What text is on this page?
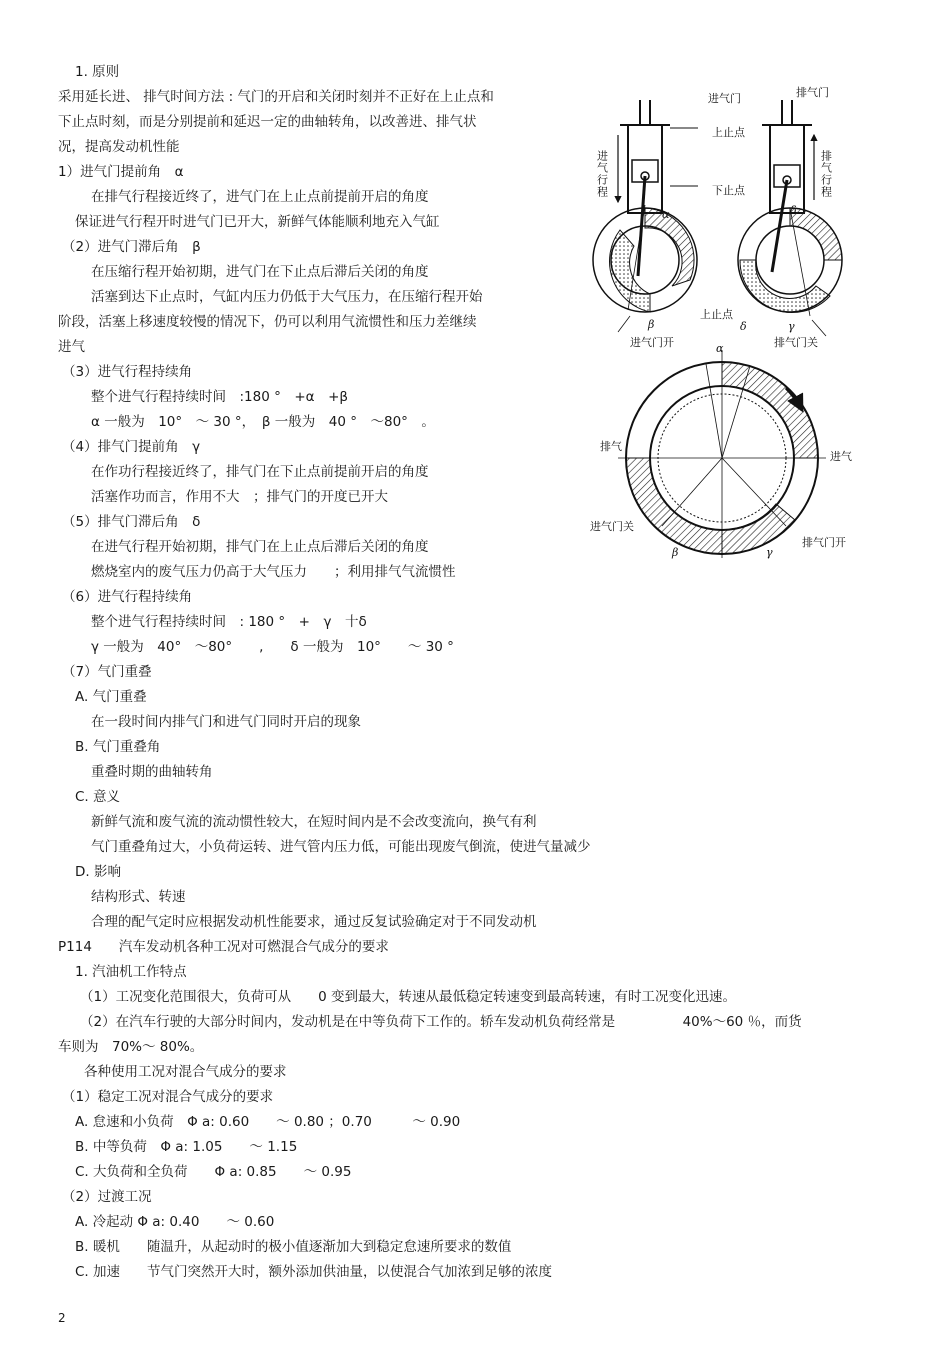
1. 原则
采用延长进、 排气时间方法 : 气门的开启和关闭时刻并不正好在上止点和
下止点时刻，而是分别提前和延迟一定的曲轴转角，以改善进、排气状
况，提高发动机性能
1）进气门提前角　α
在排气行程接近终了，进气门在上止点前提前开启的角度
保证进气行程开时进气门已开大，新鲜气体能顺利地充入气缸
（2）进气门滞后角　β
在压缩行程开始初期，进气门在下止点后滞后关闭的角度
活塞到达下止点时，气缸内压力仍低于大气压力，在压缩行程开始
阶段，活塞上移速度较慢的情况下，仍可以利用气流惯性和压力差继续
进气
（3）进气行程持续角
整个进气行程持续时间　:180 °　+α　+β
α 一般为　10°　～ 30 °，　β 一般为　40 °　～80°　。
（4）排气门提前角　γ
在作功行程接近终了，排气门在下止点前提前开启的角度
活塞作功而言，作用不大　；排气门的开度已开大
（5）排气门滞后角　δ
在进气行程开始初期，排气门在上止点后滞后关闭的角度
燃烧室内的废气压力仍高于大气压力　　；利用排气气流惯性
（6）进气行程持续角
整个进气行程持续时间　: 180 °　+　γ　十δ
γ 一般为　40°　～80°　　,　　δ 一般为　10°　　～ 30 °
（7）气门重叠
A. 气门重叠
在一段时间内排气门和进气门同时开启的现象
B. 气门重叠角
重叠时期的曲轴转角
C. 意义
新鲜气流和废气流的流动惯性较大，在短时间内是不会改变流向，换气有利
气门重叠角过大，小负荷运转、进气管内压力低，可能出现废气倒流，使进气量减少
D. 影响
结构形式、转速
合理的配气定时应根据发动机性能要求，通过反复试验确定对于不同发动机
P114　　汽车发动机各种工况对可燃混合气成分的要求
1. 汽油机工作特点
（1）工况变化范围很大，负荷可从　　0 变到最大，转速从最低稳定转速变到最高转速，有时工况变化迅速。
（2）在汽车行驶的大部分时间内，发动机是在中等负荷下工作的。轿车发动机负荷经常是　　　　　40%～60 ％，而货
车则为　70%～ 80%。
各种使用工况对混合气成分的要求
（1）稳定工况对混合气成分的要求
A. 怠速和小负荷　Φ a: 0.60　　～ 0.80 ；0.70　　　～ 0.90
B. 中等负荷　Φ a: 1.05　　～ 1.15
C. 大负荷和全负荷　　Φ a: 0.85　　～ 0.95
（2）过渡工况
A. 冷起动 Φ a: 0.40　　～ 0.60
B. 暖机　　随温升，从起动时的极小值逐渐加大到稳定怠速所要求的数值
C. 加速　　节气门突然开大时，额外添加供油量，以使混合气加浓到足够的浓度
进气门	排气门
上止点
下止点
进气行程	排气行程
α	δ
β	γ
上止点
进气门开	排气门关
α
δ
排气
进气
进气门关
排气门开
β	γ
2
